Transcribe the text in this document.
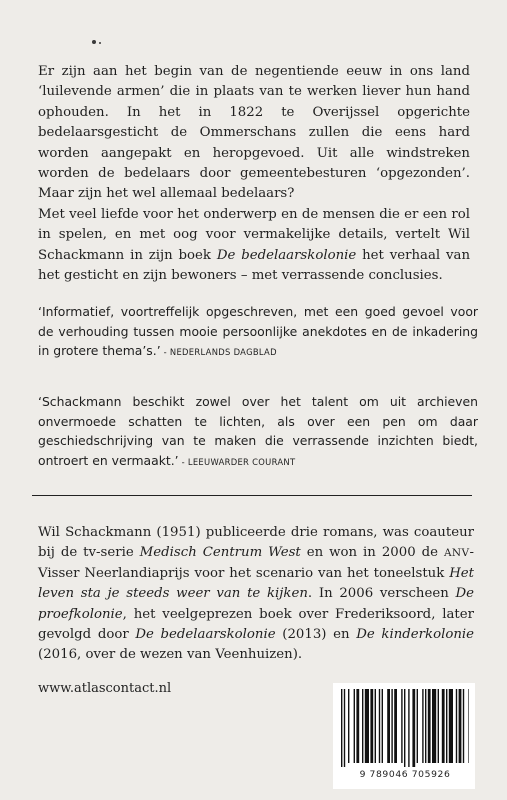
Er zijn aan het begin van de negentiende eeuw in ons land ‘luilevende armen’ die in plaats van te werken liever hun hand ophouden. In het in 1822 te Overijssel opgerichte bedelaarsgesticht de Ommerschans zullen die eens hard worden aangepakt en heropgevoed. Uit alle windstreken worden de bedelaars door gemeentebesturen ‘opgezonden’. Maar zijn het wel allemaal bedelaars?
Met veel liefde voor het onderwerp en de mensen die er een rol in spelen, en met oog voor vermakelijke details, vertelt Wil Schackmann in zijn boek De bedelaarskolonie het verhaal van het gesticht en zijn bewoners – met verrassende conclusies.

‘Informatief, voortreffelijk opgeschreven, met een goed gevoel voor de verhouding tussen mooie persoonlijke anekdotes en de inkadering in grotere thema’s.’ - NEDERLANDS DAGBLAD

‘Schackmann beschikt zowel over het talent om uit archieven onvermoede schatten te lichten, als over een pen om daar geschiedschrijving van te maken die verrassende inzichten biedt, ontroert en vermaakt.’ - LEEUWARDER COURANT

Wil Schackmann (1951) publiceerde drie romans, was coauteur bij de tv-serie Medisch Centrum West en won in 2000 de ANV-Visser Neerlandiaprijs voor het scenario van het toneelstuk Het leven sta je steeds weer van te kijken. In 2006 verscheen De proefkolonie, het veelgeprezen boek over Frederiksoord, later gevolgd door De bedelaarskolonie (2013) en De kinderkolonie (2016, over de wezen van Veenhuizen).

www.atlascontact.nl
9 789046 705926
